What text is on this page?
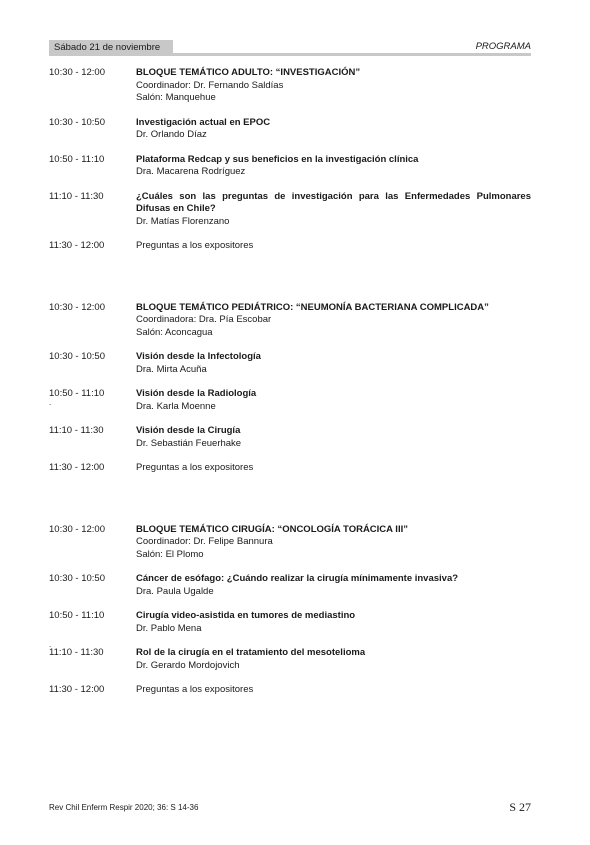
Sábado 21 de noviembre	PROGRAMA
10:30 - 12:00	BLOQUE TEMÁTICO ADULTO: “INVESTIGACIÓN”
Coordinador: Dr. Fernando Saldías
Salón: Manquehue
10:30 - 10:50	Investigación actual en EPOC
Dr. Orlando Díaz
10:50 - 11:10	Plataforma Redcap y sus beneficios en la investigación clínica
Dra. Macarena Rodríguez
11:10 - 11:30	¿Cuáles son las preguntas de investigación para las Enfermedades Pulmonares Difusas en Chile?
Dr. Matías Florenzano
11:30 - 12:00	Preguntas a los expositores
10:30 - 12:00	BLOQUE TEMÁTICO PEDIÁTRICO: “NEUMONÍA BACTERIANA COMPLICADA”
Coordinadora: Dra. Pía Escobar
Salón: Aconcagua
10:30 - 10:50	Visión desde la Infectología
Dra. Mirta Acuña
10:50 - 11:10	Visión desde la Radiología
Dra. Karla Moenne
11:10 - 11:30	Visión desde la Cirugía
Dr. Sebastián Feuerhake
11:30 - 12:00	Preguntas a los expositores
10:30 - 12:00	BLOQUE TEMÁTICO CIRUGÍA: “ONCOLOGÍA TORÁCICA III”
Coordinador: Dr. Felipe Bannura
Salón: El Plomo
10:30 - 10:50	Cáncer de esófago: ¿Cuándo realizar la cirugía mínimamente invasiva?
Dra. Paula Ugalde
10:50 - 11:10	Cirugía video-asistida en tumores de mediastino
Dr. Pablo Mena
11:10 - 11:30	Rol de la cirugía en el tratamiento del mesotelioma
Dr. Gerardo Mordojovich
11:30 - 12:00	Preguntas a los expositores
.
.
Rev Chil Enferm Respir 2020; 36: S 14-36	S 27
